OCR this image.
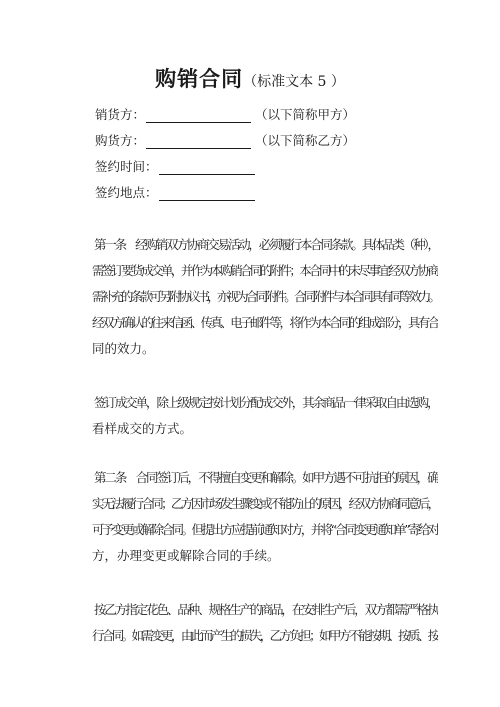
购销合同（标准文本 5 ）
销货方：	（以下简称甲方）
购货方：	（以下简称乙方）
签约时间：
签约地点：
第一条　经购销双方协商交易活动，必须履行本合同条款。具体品类（种），
需签订要货成交单，并作为本购销合同的附件；本合同中的未尽事宜经双方协商
需补充的条款可另附协议书，亦视为合同附件。合同附件与本合同具有同等效力。
经双方确认的往来信函、传真、电子邮件等，将作为本合同的组成部分，具有合
同的效力。
签订成交单，除上级规定按计划分配成交外，其余商品一律采取自由选购，
看样成交的方式。
第二条　合同签订后，不得擅自变更和解除。如甲方遇不可抗拒的原因，确
实无法履行合同；乙方因市场发生骤变或不能防止的原因，经双方协商同意后，
可予变更或解除合同。但提出方应提前通知对方，并将“合同变更通知单”寄给对
方，办理变更或解除合同的手续。
按乙方指定花色、品种、规格生产的商品，在安排生产后，双方都需严格执
行合同。如需变更，由此而产生的损失，乙方负担；如甲方不能按期、按质、按
